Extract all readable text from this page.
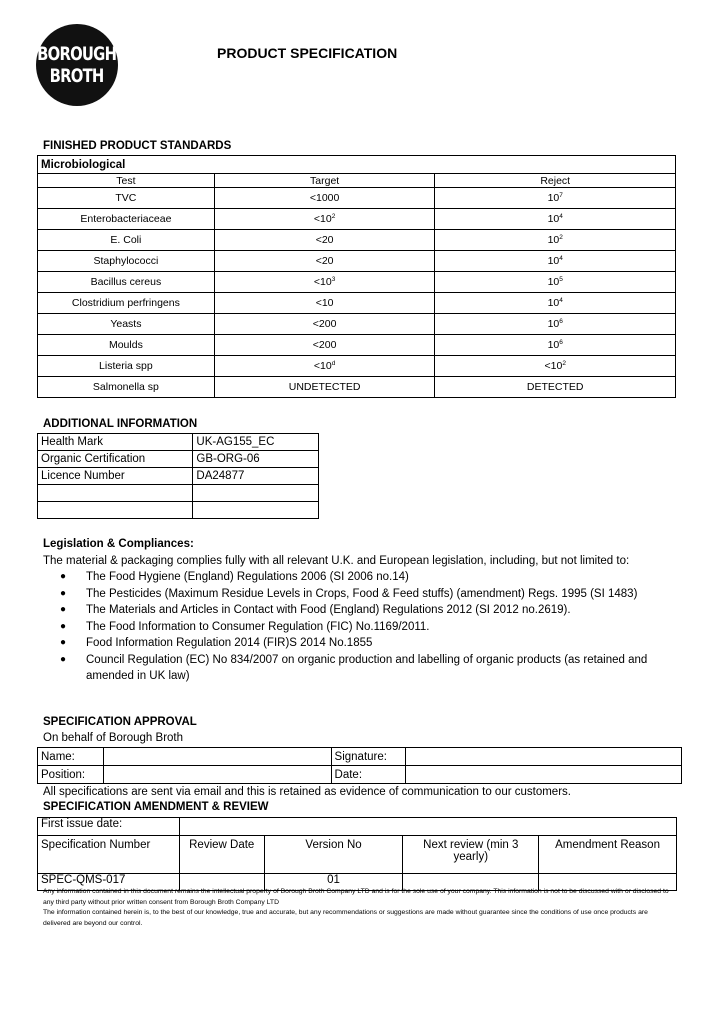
BOROUGH
BROTH
PRODUCT SPECIFICATION
FINISHED PRODUCT STANDARDS
Microbiological		
Test	Target	Reject
TVC	<1000	$10^7$
Enterobacteriaceae	$<10^2$	$10^4$
E. Coli	<20	$10^2$
Staphylococci	<20	$10^4$
Bacillus cereus	$<10^3$	$10^5$
Clostridium perfringens	<10	$10^4$
Yeasts	<200	$10^6$
Moulds	<200	$10^6$
Listeria spp	$<10^d$	$<10^2$
Salmonella sp	UNDETECTED	DETECTED
ADDITIONAL INFORMATION
Health Mark	UK-AG155_EC
Organic Certification	GB-ORG-06
Licence Number	DA24877

Legislation & Compliances:
The material & packaging complies fully with all relevant U.K. and European legislation, including, but not limited to:
● The Food Hygiene (England) Regulations 2006 (SI 2006 no.14)
● The Pesticides (Maximum Residue Levels in Crops, Food & Feed stuffs) (amendment) Regs. 1995 (SI 1483)
● The Materials and Articles in Contact with Food (England) Regulations 2012 (SI 2012 no.2619).
● The Food Information to Consumer Regulation (FIC) No.1169/2011.
● Food Information Regulation 2014 (FIR)S 2014 No.1855
● Council Regulation (EC) No 834/2007 on organic production and labelling of organic products (as retained and amended in UK law)
SPECIFICATION APPROVAL
On behalf of Borough Broth
Name:		Signature:	
Position:		Date:	
All specifications are sent via email and this is retained as evidence of communication to our customers.
SPECIFICATION AMENDMENT & REVIEW
First issue date:				
Specification Number	Review Date	Version No	Next review (min 3 yearly)	Amendment Reason
SPEC-QMS-017		01		
Any information contained in this document remains the intellectual property of Borough Broth Company LTD and is for the sole use of your company. This information is not to be discussed with or disclosed to any third party without prior written consent from Borough Broth Company LTD
The information contained herein is, to the best of our knowledge, true and accurate, but any recommendations or suggestions are made without guarantee since the conditions of use once products are delivered are beyond our control.
